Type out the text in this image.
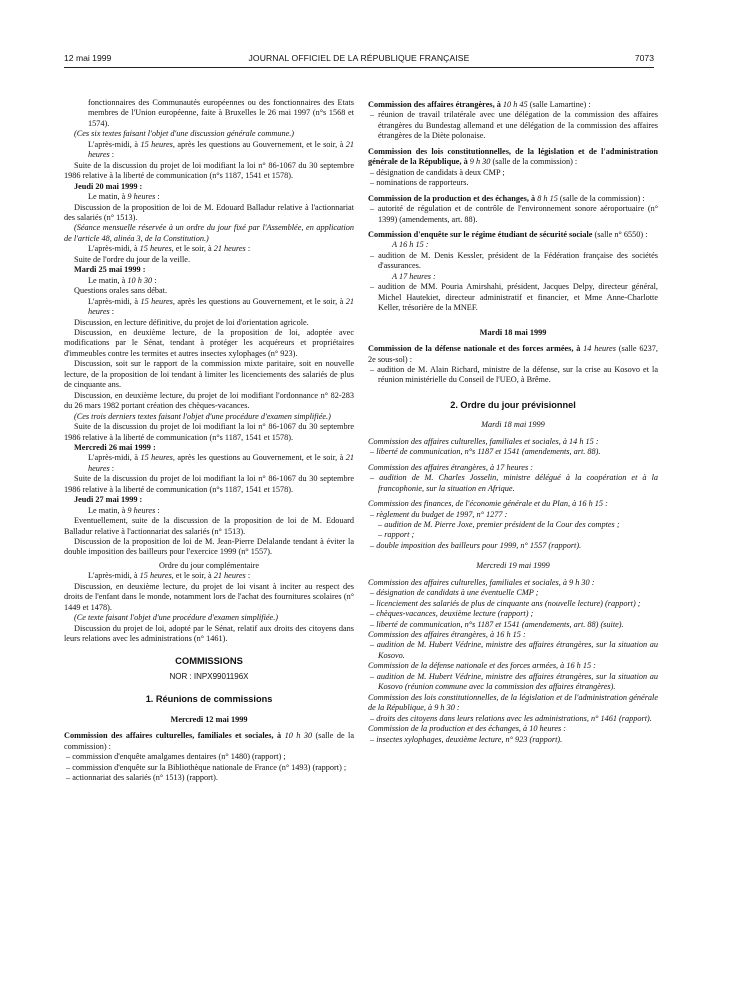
12 mai 1999	JOURNAL OFFICIEL DE LA RÉPUBLIQUE FRANÇAISE	7073

fonctionnaires des Communautés européennes ou des fonctionnaires des Etats membres de l'Union européenne, faite à Bruxelles le 26 mai 1997 (n°s 1568 et 1574).

(Ces six textes faisant l'objet d'une discussion générale commune.)

L'après-midi, à 15 heures, après les questions au Gouvernement, et le soir, à 21 heures :

Suite de la discussion du projet de loi modifiant la loi n° 86-1067 du 30 septembre 1986 relative à la liberté de communication (n°s 1187, 1541 et 1578).

Jeudi 20 mai 1999 :

Le matin, à 9 heures :

Discussion de la proposition de loi de M. Edouard Balladur relative à l'actionnariat des salariés (n° 1513).

(Séance mensuelle réservée à un ordre du jour fixé par l'Assemblée, en application de l'article 48, alinéa 3, de la Constitution.)

L'après-midi, à 15 heures, et le soir, à 21 heures :

Suite de l'ordre du jour de la veille.

Mardi 25 mai 1999 :

Le matin, à 10 h 30 :

Questions orales sans débat.

L'après-midi, à 15 heures, après les questions au Gouvernement, et le soir, à 21 heures :

Discussion, en lecture définitive, du projet de loi d'orientation agricole.

Discussion, en deuxième lecture, de la proposition de loi, adoptée avec modifications par le Sénat, tendant à protéger les acquéreurs et propriétaires d'immeubles contre les termites et autres insectes xylophages (n° 923).

Discussion, soit sur le rapport de la commission mixte paritaire, soit en nouvelle lecture, de la proposition de loi tendant à limiter les licenciements des salariés de plus de cinquante ans.

Discussion, en deuxième lecture, du projet de loi modifiant l'ordonnance n° 82-283 du 26 mars 1982 portant création des chèques-vacances.

(Ces trois derniers textes faisant l'objet d'une procédure d'examen simplifiée.)

Suite de la discussion du projet de loi modifiant la loi n° 86-1067 du 30 septembre 1986 relative à la liberté de communication (n°s 1187, 1541 et 1578).

Mercredi 26 mai 1999 :

L'après-midi, à 15 heures, après les questions au Gouvernement, et le soir, à 21 heures :

Suite de la discussion du projet de loi modifiant la loi n° 86-1067 du 30 septembre 1986 relative à la liberté de communication (n°s 1187, 1541 et 1578).

Jeudi 27 mai 1999 :

Le matin, à 9 heures :

Eventuellement, suite de la discussion de la proposition de loi de M. Edouard Balladur relative à l'actionnariat des salariés (n° 1513).

Discussion de la proposition de loi de M. Jean-Pierre Delalande tendant à éviter la double imposition des bailleurs pour l'exercice 1999 (n° 1557).

Ordre du jour complémentaire

L'après-midi, à 15 heures, et le soir, à 21 heures :

Discussion, en deuxième lecture, du projet de loi visant à inciter au respect des droits de l'enfant dans le monde, notamment lors de l'achat des fournitures scolaires (n° 1449 et 1478).

(Ce texte faisant l'objet d'une procédure d'examen simplifiée.)

Discussion du projet de loi, adopté par le Sénat, relatif aux droits des citoyens dans leurs relations avec les administrations (n° 1461).

COMMISSIONS
NOR : INPX9901196X
1. Réunions de commissions
Mercredi 12 mai 1999

Commission des affaires culturelles, familiales et sociales, à 10 h 30 (salle de la commission) :

– commission d'enquête amalgames dentaires (n° 1480) (rapport) ;

– commission d'enquête sur la Bibliothèque nationale de France (n° 1493) (rapport) ;

– actionnariat des salariés (n° 1513) (rapport).

Commission des affaires étrangères, à 10 h 45 (salle Lamartine) :

– réunion de travail trilatérale avec une délégation de la commission des affaires étrangères du Bundestag allemand et une délégation de la commission des affaires étrangères de la Diète polonaise.

Commission des lois constitutionnelles, de la législation et de l'administration générale de la République, à 9 h 30 (salle de la commission) :

– désignation de candidats à deux CMP ;

– nominations de rapporteurs.

Commission de la production et des échanges, à 8 h 15 (salle de la commission) :

– autorité de régulation et de contrôle de l'environnement sonore aéroportuaire (n° 1399) (amendements, art. 88).

Commission d'enquête sur le régime étudiant de sécurité sociale (salle n° 6550) :

A 16 h 15 :

– audition de M. Denis Kessler, président de la Fédération française des sociétés d'assurances.

A 17 heures :

– audition de MM. Pouria Amirshahi, président, Jacques Delpy, directeur général, Michel Hautekiet, directeur administratif et financier, et Mme Anne-Charlotte Keller, trésorière de la MNEF.

Mardi 18 mai 1999

Commission de la défense nationale et des forces armées, à 14 heures (salle 6237, 2e sous-sol) :

– audition de M. Alain Richard, ministre de la défense, sur la crise au Kosovo et la réunion ministérielle du Conseil de l'UEO, à Brême.

2. Ordre du jour prévisionnel
Mardi 18 mai 1999

Commission des affaires culturelles, familiales et sociales, à 14 h 15 :

– liberté de communication, n°s 1187 et 1541 (amendements, art. 88).

Commission des affaires étrangères, à 17 heures :

– audition de M. Charles Josselin, ministre délégué à la coopération et à la francophonie, sur la situation en Afrique.

Commission des finances, de l'économie générale et du Plan, à 16 h 15 :

– règlement du budget de 1997, n° 1277 :

– audition de M. Pierre Joxe, premier président de la Cour des comptes ;

– rapport ;

– double imposition des bailleurs pour 1999, n° 1557 (rapport).

Mercredi 19 mai 1999

Commission des affaires culturelles, familiales et sociales, à 9 h 30 :

– désignation de candidats à une éventuelle CMP ;

– licenciement des salariés de plus de cinquante ans (nouvelle lecture) (rapport) ;

– chèques-vacances, deuxième lecture (rapport) ;

– liberté de communication, n°s 1187 et 1541 (amendements, art. 88) (suite).

Commission des affaires étrangères, à 16 h 15 :

– audition de M. Hubert Védrine, ministre des affaires étrangères, sur la situation au Kosovo.

Commission de la défense nationale et des forces armées, à 16 h 15 :

– audition de M. Hubert Védrine, ministre des affaires étrangères, sur la situation au Kosovo (réunion commune avec la commission des affaires étrangères).

Commission des lois constitutionnelles, de la législation et de l'administration générale de la République, à 9 h 30 :

– droits des citoyens dans leurs relations avec les administrations, n° 1461 (rapport).

Commission de la production et des échanges, à 10 heures :

– insectes xylophages, deuxième lecture, n° 923 (rapport).
